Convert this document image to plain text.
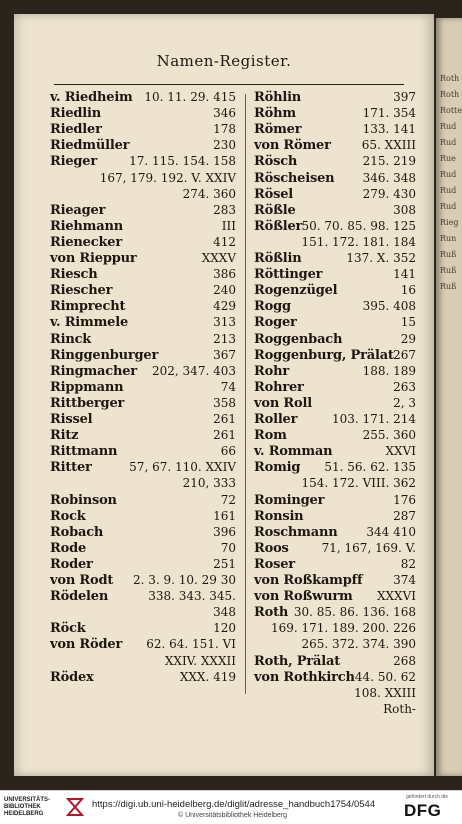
Namen-Register.
v. Riedheim 10. 11. 29. 415
Riedlin	346
Riedler	178
Riedmüller	230
Rieger	17. 115. 154. 158
167, 179. 192. V. XXIV
274. 360
Rieager	283
Riehmann	III
Rienecker	412
von Rieppur	XXXV
Riesch	386
Riescher	240
Rimprecht	429
v. Rimmele	313
Rinck	213
Ringgenburger	367
Ringmacher 202, 347. 403
Rippmann	74
Rittberger	358
Rissel	261
Ritz	261
Rittmann	66
Ritter	57, 67. 110. XXIV
210, 333
Robinson	72
Rock	161
Robach	396
Rode	70
Roder	251
von Rodt 2. 3. 9. 10. 29 30
Rödelen	338. 343. 345.
348
Röck	120
von Röder 62. 64. 151. VI
XXIV. XXXII
Rödex	XXX. 419
Röhlin	397
Röhm	171. 354
Römer	133. 141
von Römer	65. XXIII
Rösch	215. 219
Röscheisen 346. 348
Rösel	279. 430
Rößle	308
Rößler 50. 70. 85. 98. 125
151. 172. 181. 184
Rößlin	137. X. 352
Röttinger	141
Rogenzügel	16
Rogg	395. 408
Roger	15
Roggenbach	29
Roggenburg, Prälat 267
Rohr	188. 189
Rohrer	263
von Roll	2, 3
Roller	103. 171. 214
Rom	255. 360
v. Romman	XXVI
Romig 51. 56. 62. 135
154. 172. VIII. 362
Rominger	176
Ronsin	287
Roschmann 344 410
Roos	71, 167, 169. V.
Roser	82
von Roßkampff	374
von Roßwurm XXXVI
Roth 30. 85. 86. 136. 168
169. 171. 189. 200. 226
265. 372. 374. 390
Roth, Prälat	268
von Rothkirch 44. 50. 62
108. XXIII
Roth-
Roth
Roth
Rotte
Rud
Rud
Rue
Rud
Rud
Rud
Rieg
Run
Ruß
Ruß
Ruß
UNIVERSITÄTS-
BIBLIOTHEK
HEIDELBERG
https://digi.ub.uni-heidelberg.de/diglit/adresse_handbuch1754/0544
© Universitätsbibliothek Heidelberg
gefördert durch die
DFG
